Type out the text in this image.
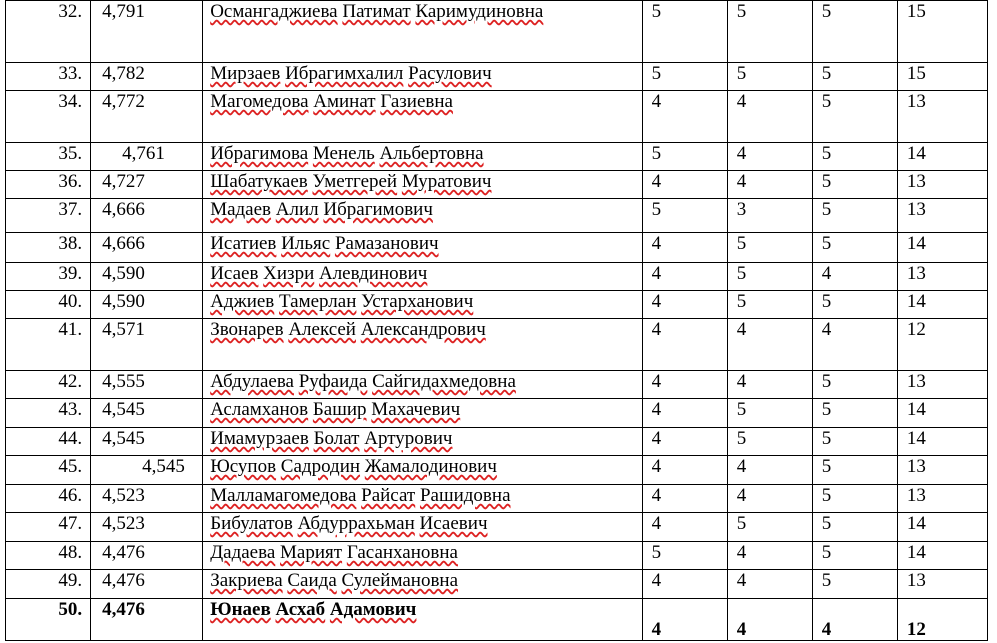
32.	4,791	Османгаджиева Патимат Каримудиновна	5	5	5	15
33.	4,782	Мирзаев Ибрагимхалил Расулович	5	5	5	15
34.	4,772	Магомедова Аминат Газиевна	4	4	5	13
35.	4,761	Ибрагимова Менель Альбертовна	5	4	5	14
36.	4,727	Шабатукаев Уметгерей Муратович	4	4	5	13
37.	4,666	Мадаев Алил Ибрагимович	5	3	5	13
38.	4,666	Исатиев Ильяс Рамазанович	4	5	5	14
39.	4,590	Исаев Хизри Алевдинович	4	5	4	13
40.	4,590	Аджиев Тамерлан Устарханович	4	5	5	14
41.	4,571	Звонарев Алексей Александрович	4	4	4	12
42.	4,555	Абдулаева Руфаида Сайгидахмедовна	4	4	5	13
43.	4,545	Асламханов Башир Махачевич	4	5	5	14
44.	4,545	Имамурзаев Болат Артурович	4	5	5	14
45.	4,545	Юсупов Садродин Жамалодинович	4	4	5	13
46.	4,523	Малламагомедова Райсат Рашидовна	4	4	5	13
47.	4,523	Бибулатов Абдуррахьман Исаевич	4	5	5	14
48.	4,476	Дадаева Марият Гасанхановна	5	4	5	14
49.	4,476	Закриева Саида Сулеймановна	4	4	5	13
50.	4,476	Юнаев Асхаб Адамович	4	4	4	12
